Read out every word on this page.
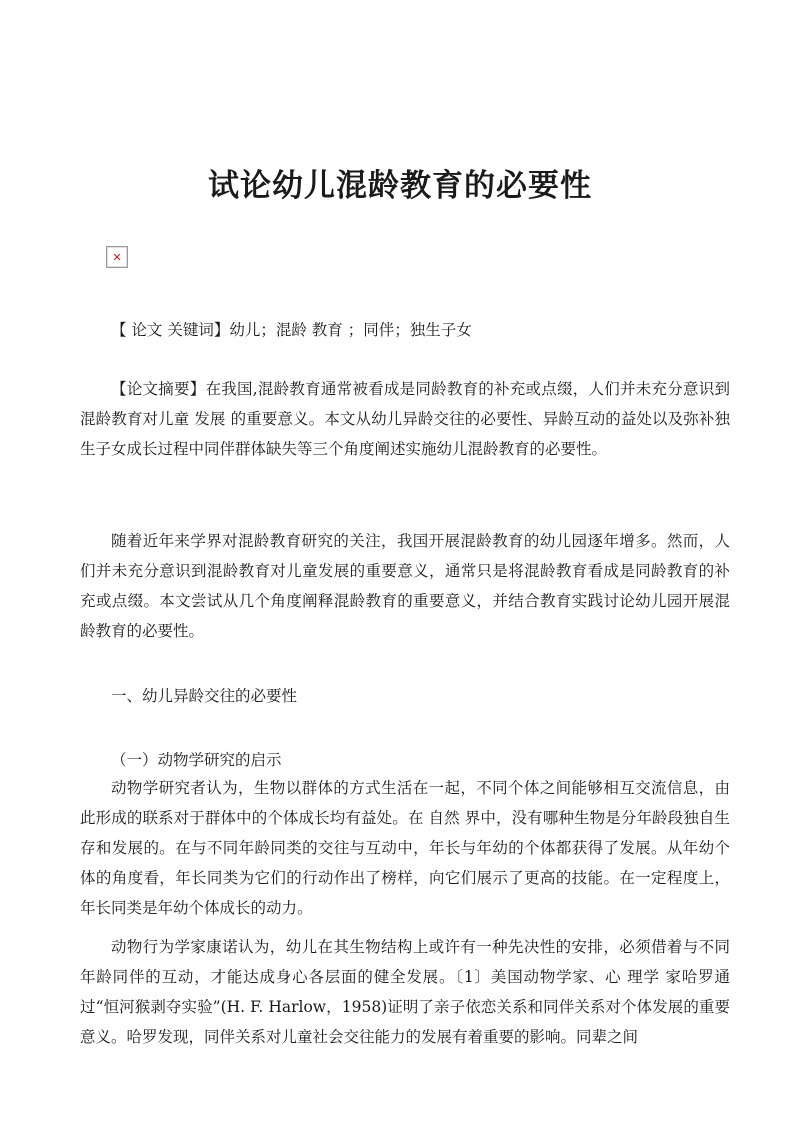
试论幼儿混龄教育的必要性
✕

【 论文 关键词】幼儿；混龄 教育 ；同伴；独生子女

【论文摘要】在我国,混龄教育通常被看成是同龄教育的补充或点缀，人们并未充分意识到混龄教育对儿童 发展 的重要意义。本文从幼儿异龄交往的必要性、异龄互动的益处以及弥补独生子女成长过程中同伴群体缺失等三个角度阐述实施幼儿混龄教育的必要性。

随着近年来学界对混龄教育研究的关注，我国开展混龄教育的幼儿园逐年增多。然而，人们并未充分意识到混龄教育对儿童发展的重要意义，通常只是将混龄教育看成是同龄教育的补充或点缀。本文尝试从几个角度阐释混龄教育的重要意义，并结合教育实践讨论幼儿园开展混龄教育的必要性。

一、幼儿异龄交往的必要性

（一）动物学研究的启示

动物学研究者认为，生物以群体的方式生活在一起，不同个体之间能够相互交流信息，由此形成的联系对于群体中的个体成长均有益处。在 自然 界中，没有哪种生物是分年龄段独自生存和发展的。在与不同年龄同类的交往与互动中，年长与年幼的个体都获得了发展。从年幼个体的角度看，年长同类为它们的行动作出了榜样，向它们展示了更高的技能。在一定程度上，年长同类是年幼个体成长的动力。

动物行为学家康诺认为，幼儿在其生物结构上或许有一种先决性的安排，必须借着与不同年龄同伴的互动，才能达成身心各层面的健全发展。〔1〕美国动物学家、心 理学 家哈罗通过“恒河猴剥夺实验”(H. F. Harlow，1958)证明了亲子依恋关系和同伴关系对个体发展的重要意义。哈罗发现，同伴关系对儿童社会交往能力的发展有着重要的影响。同辈之间
